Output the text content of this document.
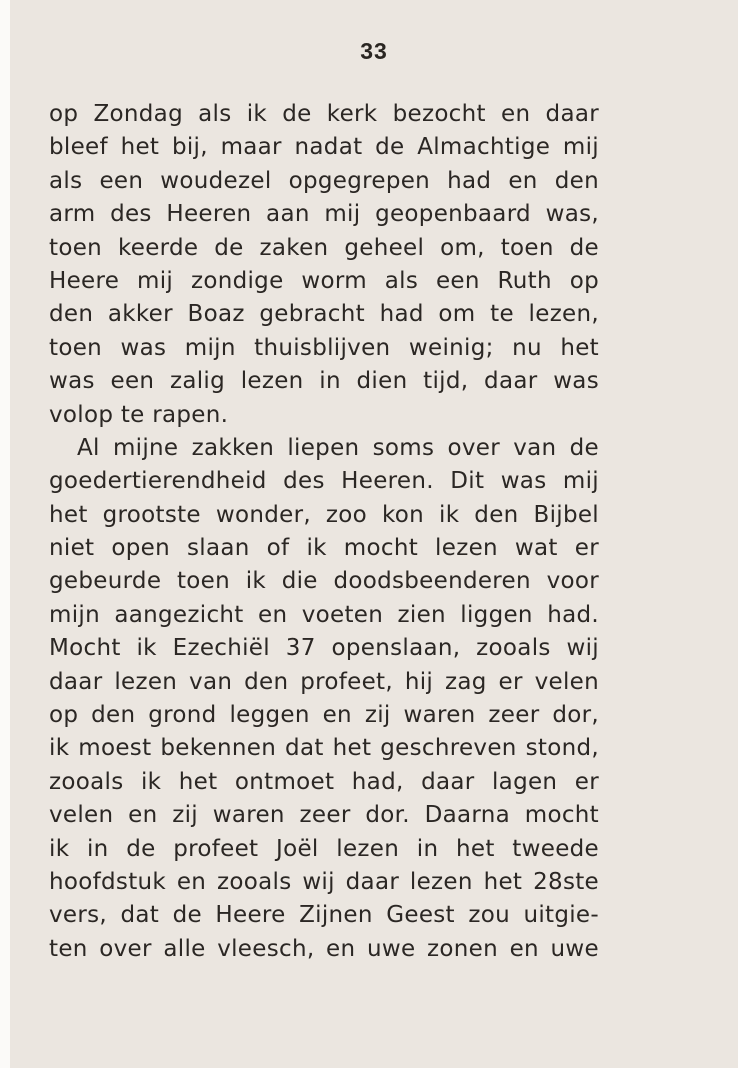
33
op Zondag als ik de kerk bezocht en daar
bleef het bij, maar nadat de Almachtige mij
als een woudezel opgegrepen had en den
arm des Heeren aan mij geopenbaard was,
toen keerde de zaken geheel om, toen de
Heere mij zondige worm als een Ruth op
den akker Boaz gebracht had om te lezen,
toen was mijn thuisblijven weinig; nu het
was een zalig lezen in dien tijd, daar was
volop te rapen.
Al mijne zakken liepen soms over van de
goedertierendheid des Heeren. Dit was mij
het grootste wonder, zoo kon ik den Bijbel
niet open slaan of ik mocht lezen wat er
gebeurde toen ik die doodsbeenderen voor
mijn aangezicht en voeten zien liggen had.
Mocht ik Ezechiël 37 openslaan, zooals wij
daar lezen van den profeet, hij zag er velen
op den grond leggen en zij waren zeer dor,
ik moest bekennen dat het geschreven stond,
zooals ik het ontmoet had, daar lagen er
velen en zij waren zeer dor. Daarna mocht
ik in de profeet Joël lezen in het tweede
hoofdstuk en zooals wij daar lezen het 28ste
vers, dat de Heere Zijnen Geest zou uitgie-
ten over alle vleesch, en uwe zonen en uwe
